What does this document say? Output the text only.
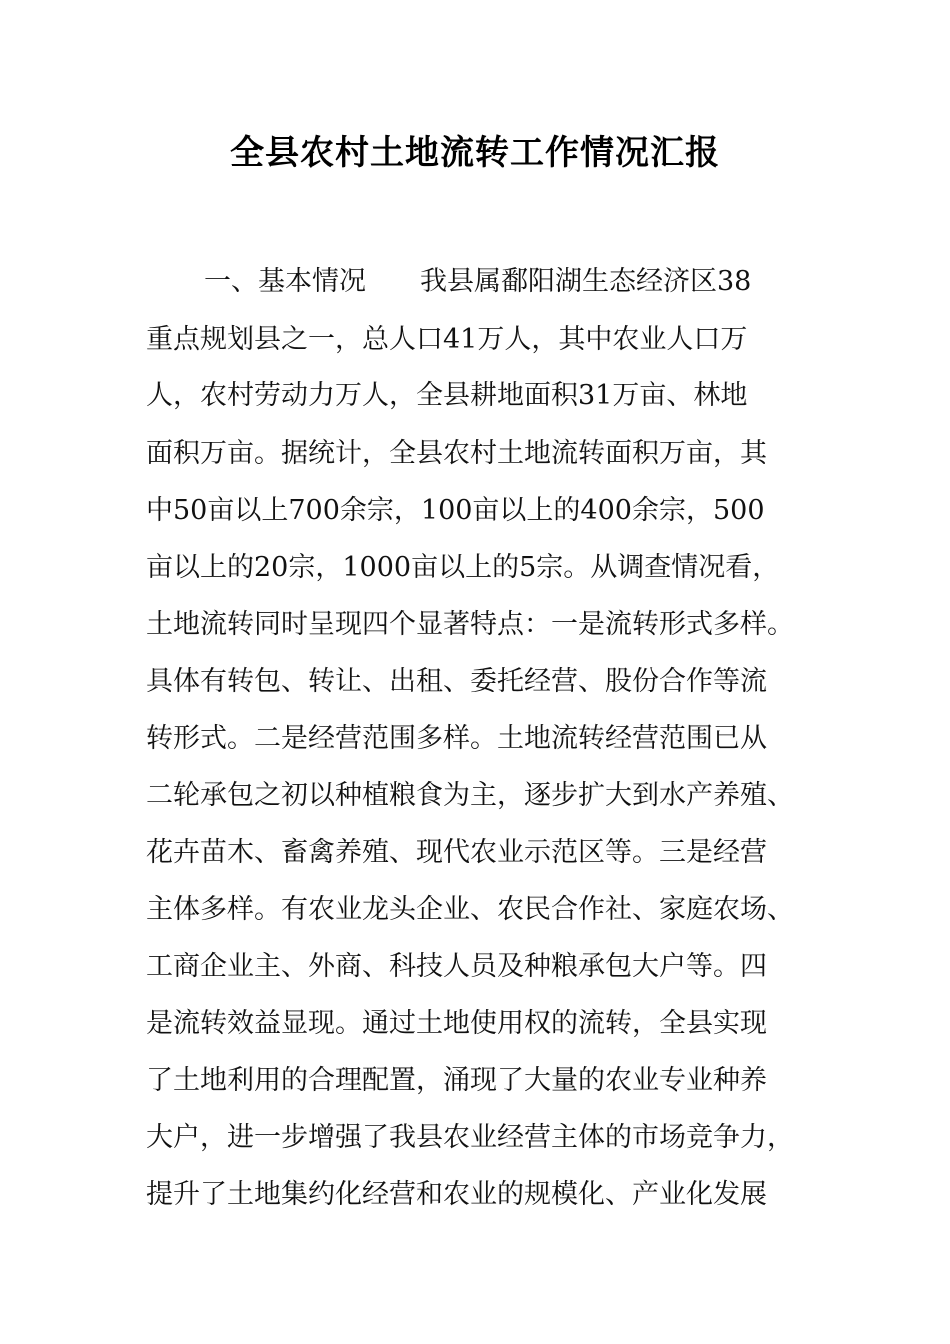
全县农村土地流转工作情况汇报
一、基本情况　　我县属鄱阳湖生态经济区38
重点规划县之一，总人口41万人，其中农业人口万
人，农村劳动力万人，全县耕地面积31万亩、林地
面积万亩。据统计，全县农村土地流转面积万亩，其
中50亩以上700余宗，100亩以上的400余宗，500
亩以上的20宗，1000亩以上的5宗。从调查情况看，
土地流转同时呈现四个显著特点：一是流转形式多样。
具体有转包、转让、出租、委托经营、股份合作等流
转形式。二是经营范围多样。土地流转经营范围已从
二轮承包之初以种植粮食为主，逐步扩大到水产养殖、
花卉苗木、畜禽养殖、现代农业示范区等。三是经营
主体多样。有农业龙头企业、农民合作社、家庭农场、
工商企业主、外商、科技人员及种粮承包大户等。四
是流转效益显现。通过土地使用权的流转，全县实现
了土地利用的合理配置，涌现了大量的农业专业种养
大户，进一步增强了我县农业经营主体的市场竞争力，
提升了土地集约化经营和农业的规模化、产业化发展
